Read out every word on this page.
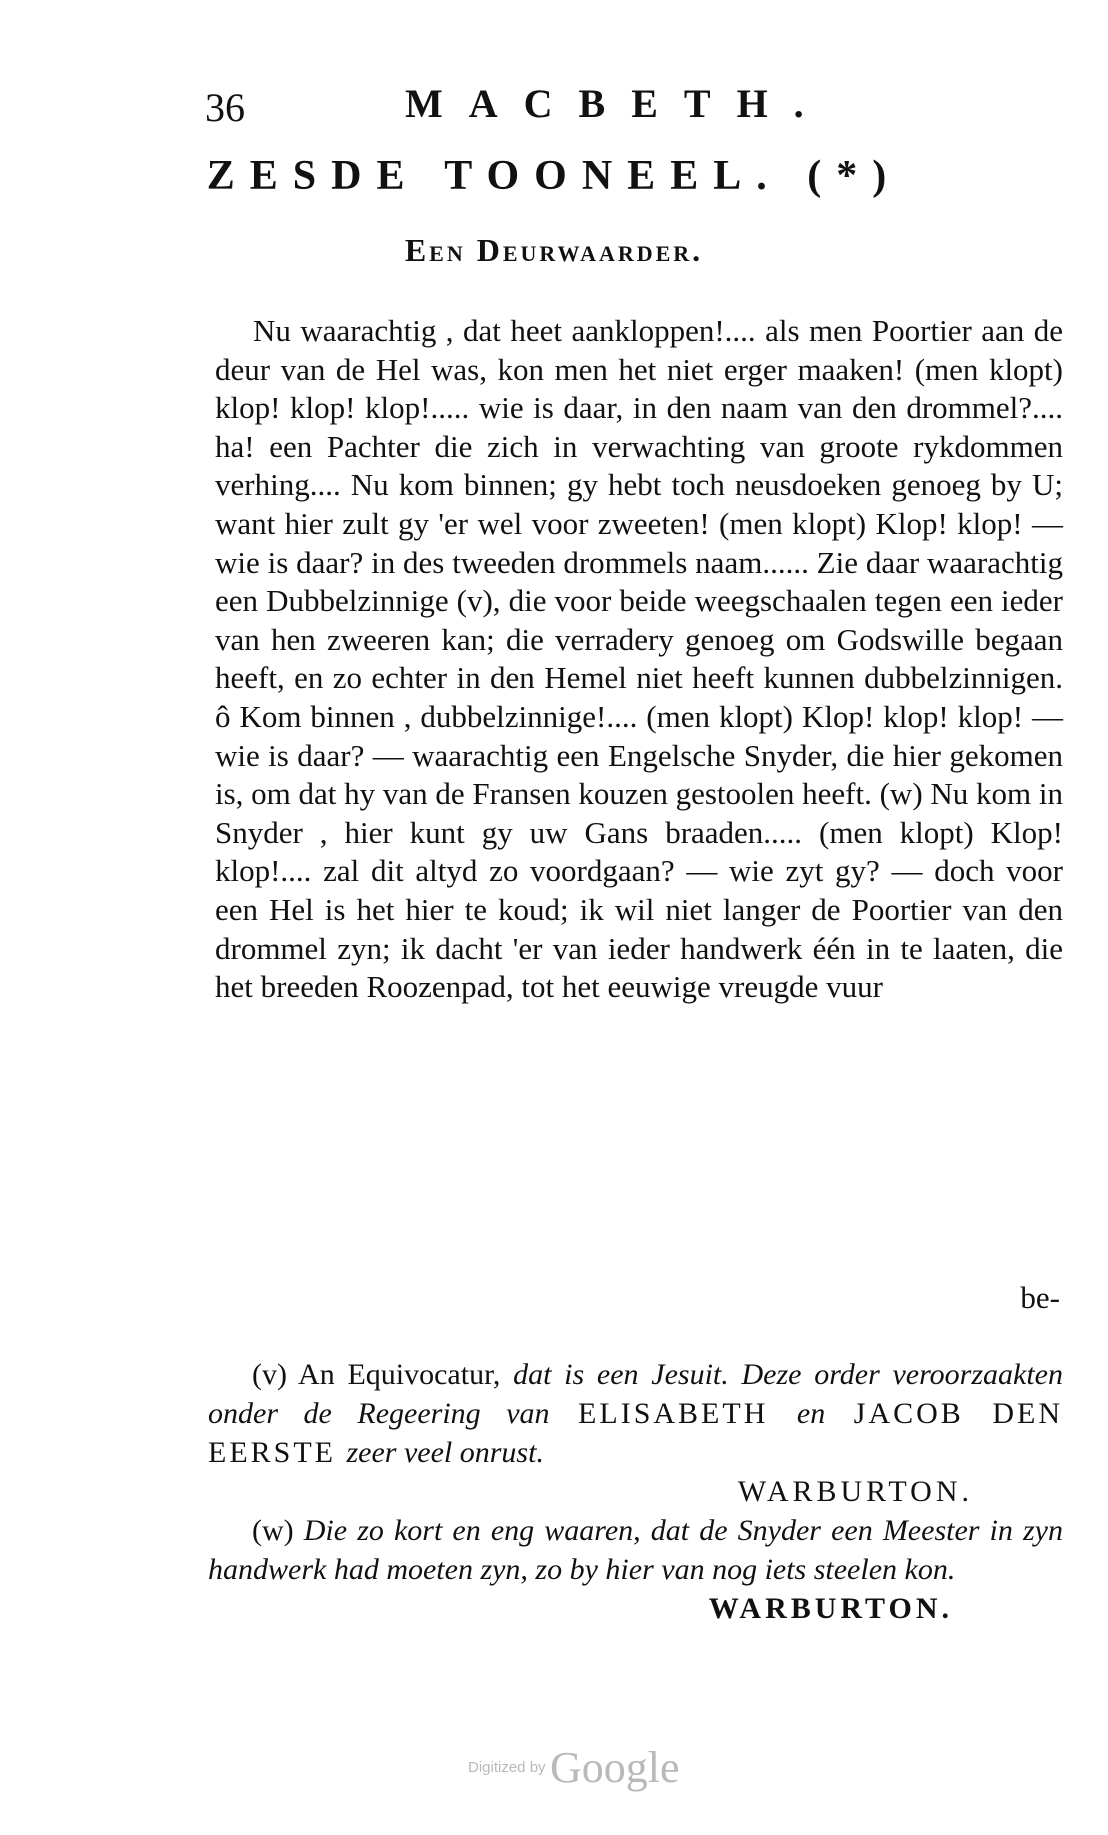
36	MACBETH.
ZESDE TOONEEL. (*)
Een Deurwaarder.

Nu waarachtig , dat heet aankloppen!.... als men Poortier aan de deur van de Hel was, kon men het niet erger maaken! (men klopt) klop! klop! klop!..... wie is daar, in den naam van den drommel?.... ha! een Pachter die zich in verwachting van groote rykdommen verhing.... Nu kom binnen; gy hebt toch neusdoeken genoeg by U; want hier zult gy 'er wel voor zweeten! (men klopt) Klop! klop! — wie is daar? in des tweeden drommels naam...... Zie daar waarachtig een Dubbelzinnige (v), die voor beide weegschaalen tegen een ieder van hen zweeren kan; die verradery genoeg om Godswille begaan heeft, en zo echter in den Hemel niet heeft kunnen dubbelzinnigen. ô Kom binnen , dubbelzinnige!.... (men klopt) Klop! klop! klop! — wie is daar? — waarachtig een Engelsche Snyder, die hier gekomen is, om dat hy van de Fransen kouzen gestoolen heeft. (w) Nu kom in Snyder , hier kunt gy uw Gans braaden..... (men klopt) Klop! klop!.... zal dit altyd zo voordgaan? — wie zyt gy? — doch voor een Hel is het hier te koud; ik wil niet langer de Poortier van den drommel zyn; ik dacht 'er van ieder handwerk één in te laaten, die het breeden Roozenpad, tot het eeuwige vreugde vuur

be-

(v) An Equivocatur, dat is een Jesuit. Deze order veroorzaakten onder de Regeering van ELISABETH en JACOB DEN EERSTE zeer veel onrust.
WARBURTON.

(w) Die zo kort en eng waaren, dat de Snyder een Meester in zyn handwerk had moeten zyn, zo by hier van nog iets steelen kon.
WARBURTON.

Digitized by Google
